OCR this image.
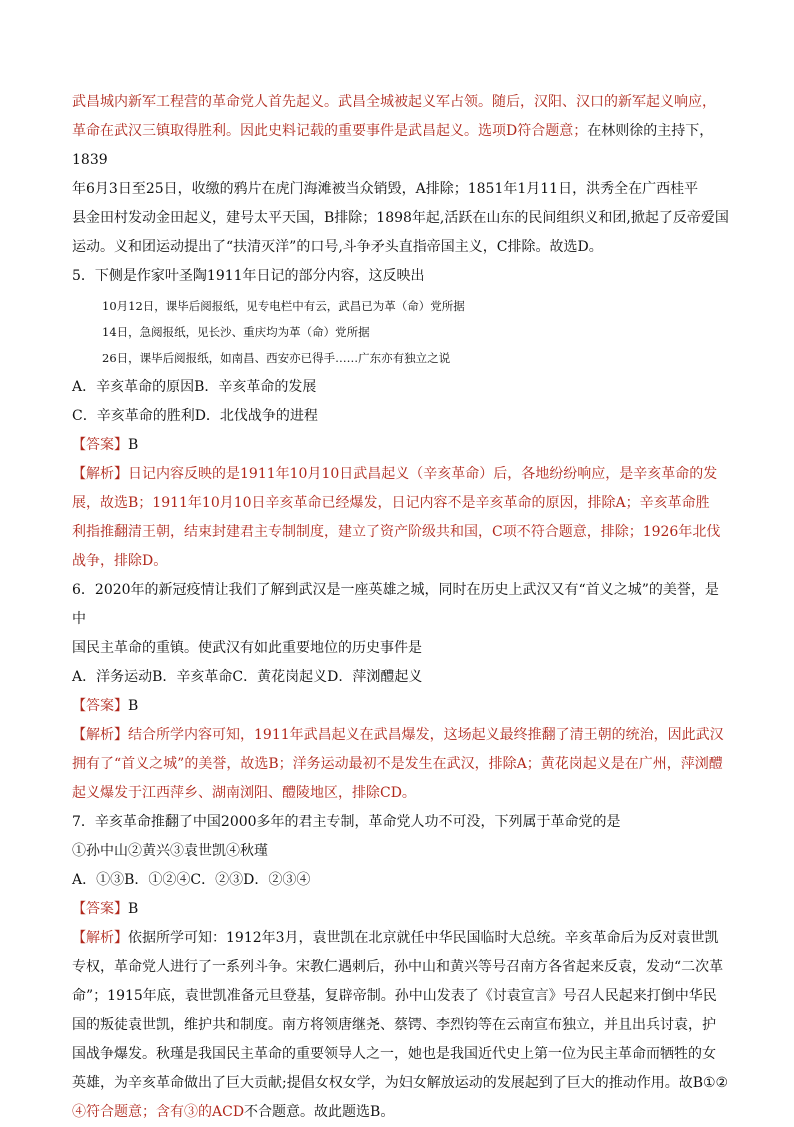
武昌城内新军工程营的革命党人首先起义。武昌全城被起义军占领。随后，汉阳、汉口的新军起义响应，

革命在武汉三镇取得胜利。因此史料记载的重要事件是武昌起义。选项D符合题意；在林则徐的主持下，1839

年6月3日至25日，收缴的鸦片在虎门海滩被当众销毁，A排除；1851年1月11日，洪秀全在广西桂平

县金田村发动金田起义，建号太平天国，B排除；1898年起,活跃在山东的民间组织义和团,掀起了反帝爱国

运动。义和团运动提出了“扶清灭洋”的口号,斗争矛头直指帝国主义，C排除。故选D。

5．下侧是作家叶圣陶1911年日记的部分内容，这反映出

10月12日，课毕后阅报纸，见专电栏中有云，武昌已为革（命）党所据
14日，急阅报纸，见长沙、重庆均为革（命）党所据
26日，课毕后阅报纸，如南昌、西安亦已得手……广东亦有独立之说

A．辛亥革命的原因B．辛亥革命的发展

C．辛亥革命的胜利D．北伐战争的进程

【答案】B

【解析】日记内容反映的是1911年10月10日武昌起义（辛亥革命）后，各地纷纷响应，是辛亥革命的发

展，故选B；1911年10月10日辛亥革命已经爆发，日记内容不是辛亥革命的原因，排除A；辛亥革命胜

利指推翻清王朝，结束封建君主专制制度，建立了资产阶级共和国，C项不符合题意，排除；1926年北伐

战争，排除D。

6．2020年的新冠疫情让我们了解到武汉是一座英雄之城，同时在历史上武汉又有“首义之城”的美誉，是中

国民主革命的重镇。使武汉有如此重要地位的历史事件是

A．洋务运动B．辛亥革命C．黄花岗起义D．萍浏醴起义

【答案】B

【解析】结合所学内容可知，1911年武昌起义在武昌爆发，这场起义最终推翻了清王朝的统治，因此武汉

拥有了“首义之城”的美誉，故选B；洋务运动最初不是发生在武汉，排除A；黄花岗起义是在广州，萍浏醴

起义爆发于江西萍乡、湖南浏阳、醴陵地区，排除CD。

7．辛亥革命推翻了中国2000多年的君主专制，革命党人功不可没，下列属于革命党的是

①孙中山②黄兴③袁世凯④秋瑾

A．①③B．①②④C．②③D．②③④

【答案】B

【解析】依据所学可知：1912年3月，袁世凯在北京就任中华民国临时大总统。辛亥革命后为反对袁世凯

专权，革命党人进行了一系列斗争。宋教仁遇刺后，孙中山和黄兴等号召南方各省起来反袁，发动“二次革

命”；1915年底，袁世凯准备元旦登基，复辟帝制。孙中山发表了《讨袁宣言》号召人民起来打倒中华民

国的叛徒袁世凯，维护共和制度。南方将领唐继尧、蔡锷、李烈钧等在云南宣布独立，并且出兵讨袁，护

国战争爆发。秋瑾是我国民主革命的重要领导人之一，她也是我国近代史上第一位为民主革命而牺牲的女

英雄，为辛亥革命做出了巨大贡献;提倡女权女学，为妇女解放运动的发展起到了巨大的推动作用。故B①②

④符合题意；含有③的ACD不合题意。故此题选B。
